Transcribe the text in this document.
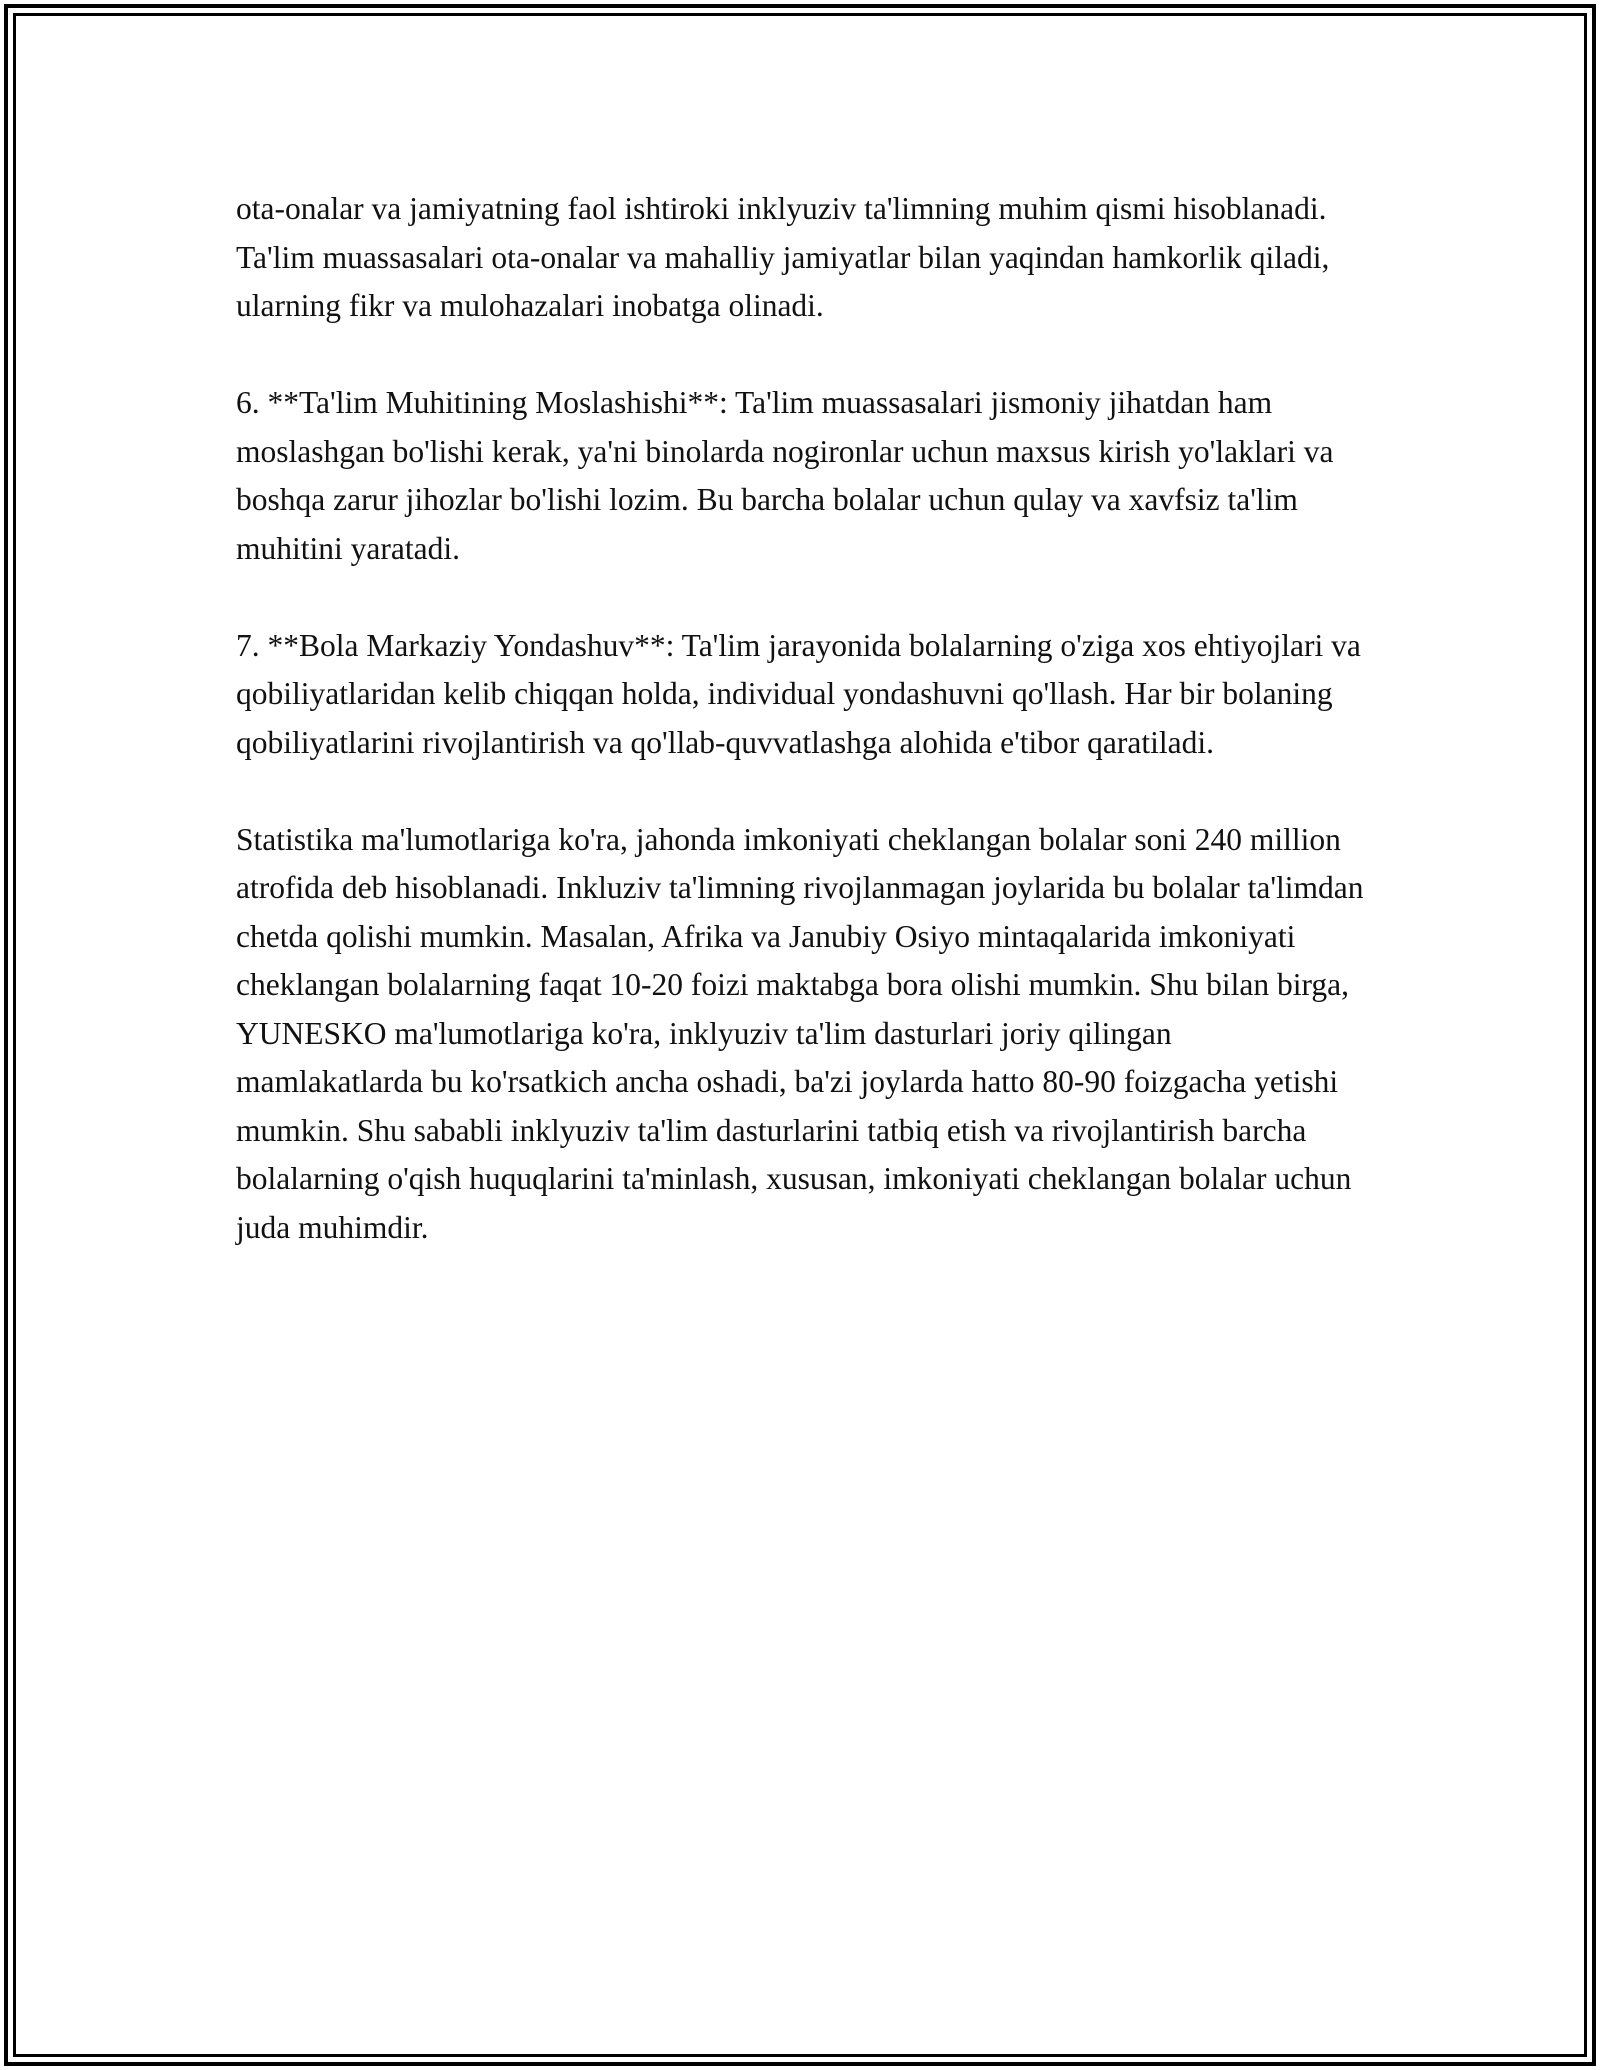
ota-onalar va jamiyatning faol ishtiroki inklyuziv ta'limning muhim qismi hisoblanadi. Ta'lim muassasalari ota-onalar va mahalliy jamiyatlar bilan yaqindan hamkorlik qiladi, ularning fikr va mulohazalari inobatga olinadi.

6. **Ta'lim Muhitining Moslashishi**: Ta'lim muassasalari jismoniy jihatdan ham moslashgan bo'lishi kerak, ya'ni binolarda nogironlar uchun maxsus kirish yo'laklari va boshqa zarur jihozlar bo'lishi lozim. Bu barcha bolalar uchun qulay va xavfsiz ta'lim muhitini yaratadi.

7. **Bola Markaziy Yondashuv**: Ta'lim jarayonida bolalarning o'ziga xos ehtiyojlari va qobiliyatlaridan kelib chiqqan holda, individual yondashuvni qo'llash. Har bir bolaning qobiliyatlarini rivojlantirish va qo'llab-quvvatlashga alohida e'tibor qaratiladi.

Statistika ma'lumotlariga ko'ra, jahonda imkoniyati cheklangan bolalar soni 240 million atrofida deb hisoblanadi. Inkluziv ta'limning rivojlanmagan joylarida bu bolalar ta'limdan chetda qolishi mumkin. Masalan, Afrika va Janubiy Osiyo mintaqalarida imkoniyati cheklangan bolalarning faqat 10-20 foizi maktabga bora olishi mumkin. Shu bilan birga, YUNESKO ma'lumotlariga ko'ra, inklyuziv ta'lim dasturlari joriy qilingan mamlakatlarda bu ko'rsatkich ancha oshadi, ba'zi joylarda hatto 80-90 foizgacha yetishi mumkin. Shu sababli inklyuziv ta'lim dasturlarini tatbiq etish va rivojlantirish barcha bolalarning o'qish huquqlarini ta'minlash, xususan, imkoniyati cheklangan bolalar uchun juda muhimdir.
